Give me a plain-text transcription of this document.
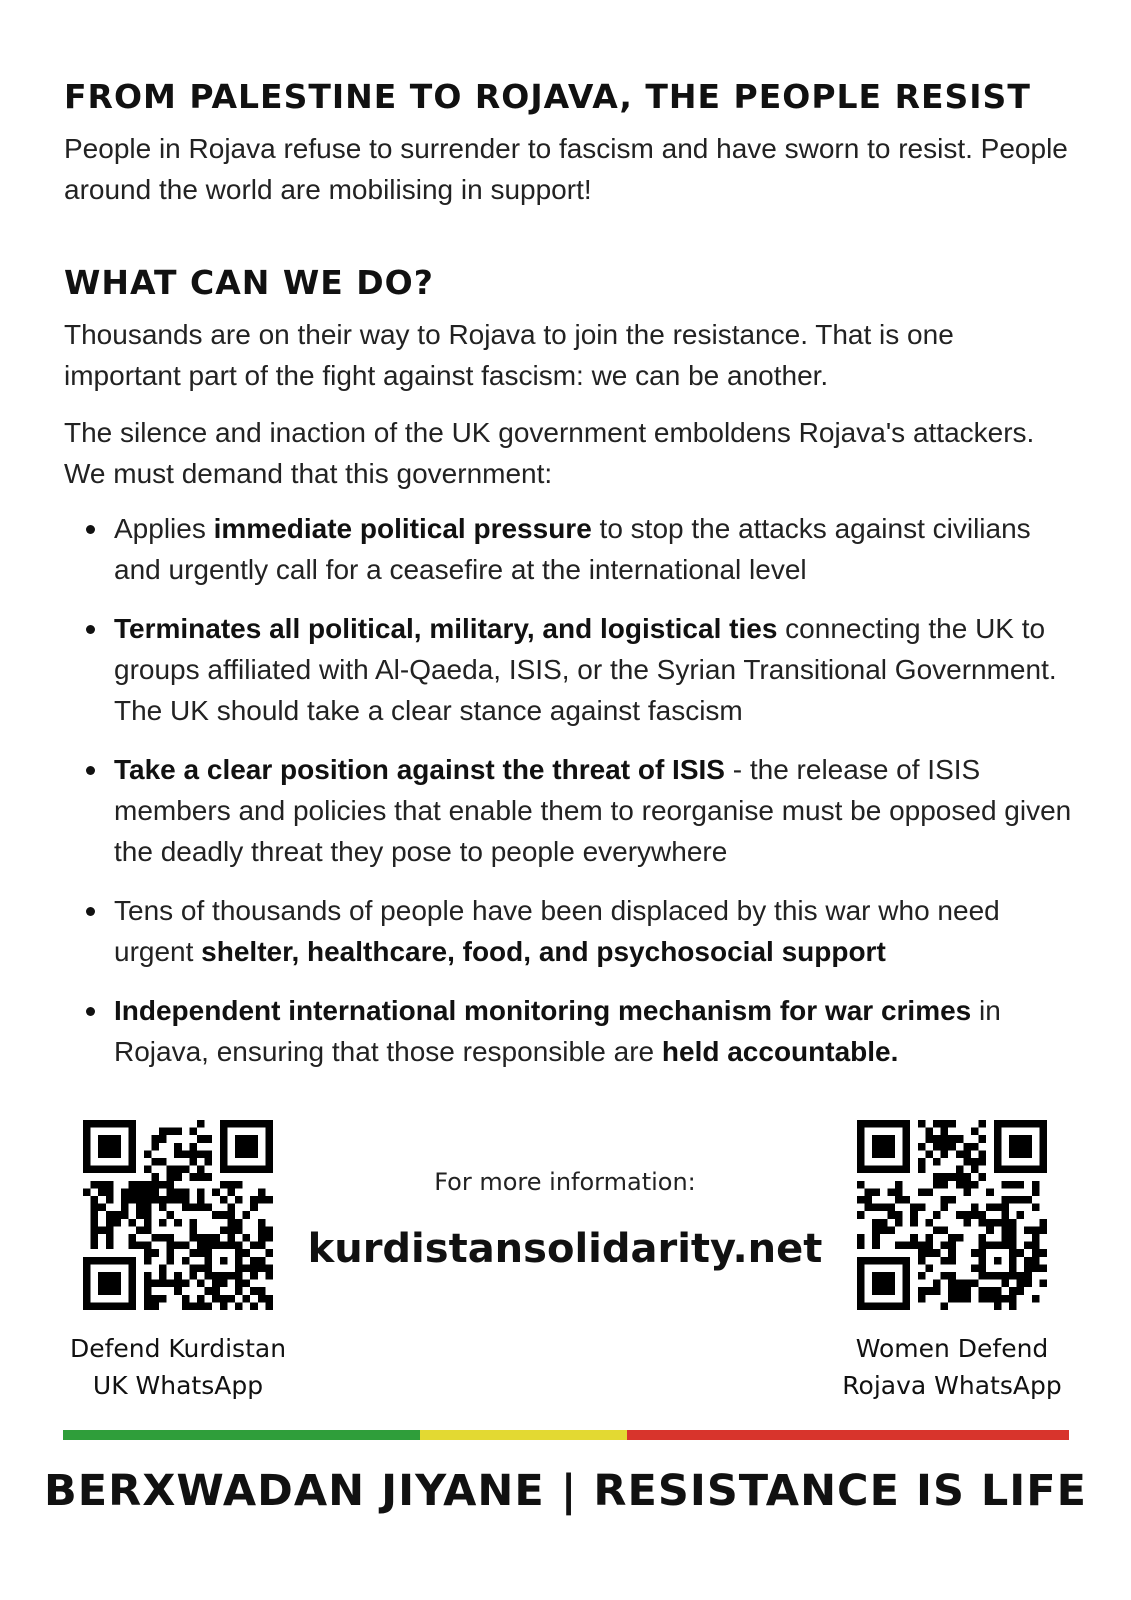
FROM PALESTINE TO ROJAVA, THE PEOPLE RESIST

People in Rojava refuse to surrender to fascism and have sworn to resist. People around the world are mobilising in support!

WHAT CAN WE DO?

Thousands are on their way to Rojava to join the resistance. That is one important part of the fight against fascism: we can be another.

The silence and inaction of the UK government emboldens Rojava's attackers. We must demand that this government:

Applies immediate political pressure to stop the attacks against civilians and urgently call for a ceasefire at the international level
Terminates all political, military, and logistical ties connecting the UK to groups affiliated with Al-Qaeda, ISIS, or the Syrian Transitional Government. The UK should take a clear stance against fascism
Take a clear position against the threat of ISIS - the release of ISIS members and policies that enable them to reorganise must be opposed given the deadly threat they pose to people everywhere
Tens of thousands of people have been displaced by this war who need urgent shelter, healthcare, food, and psychosocial support
Independent international monitoring mechanism for war crimes in Rojava, ensuring that those responsible are held accountable.
Defend Kurdistan
UK WhatsApp
For more information:
kurdistansolidarity.net
Women Defend
Rojava WhatsApp
BERXWADAN JIYANE | RESISTANCE IS LIFE
